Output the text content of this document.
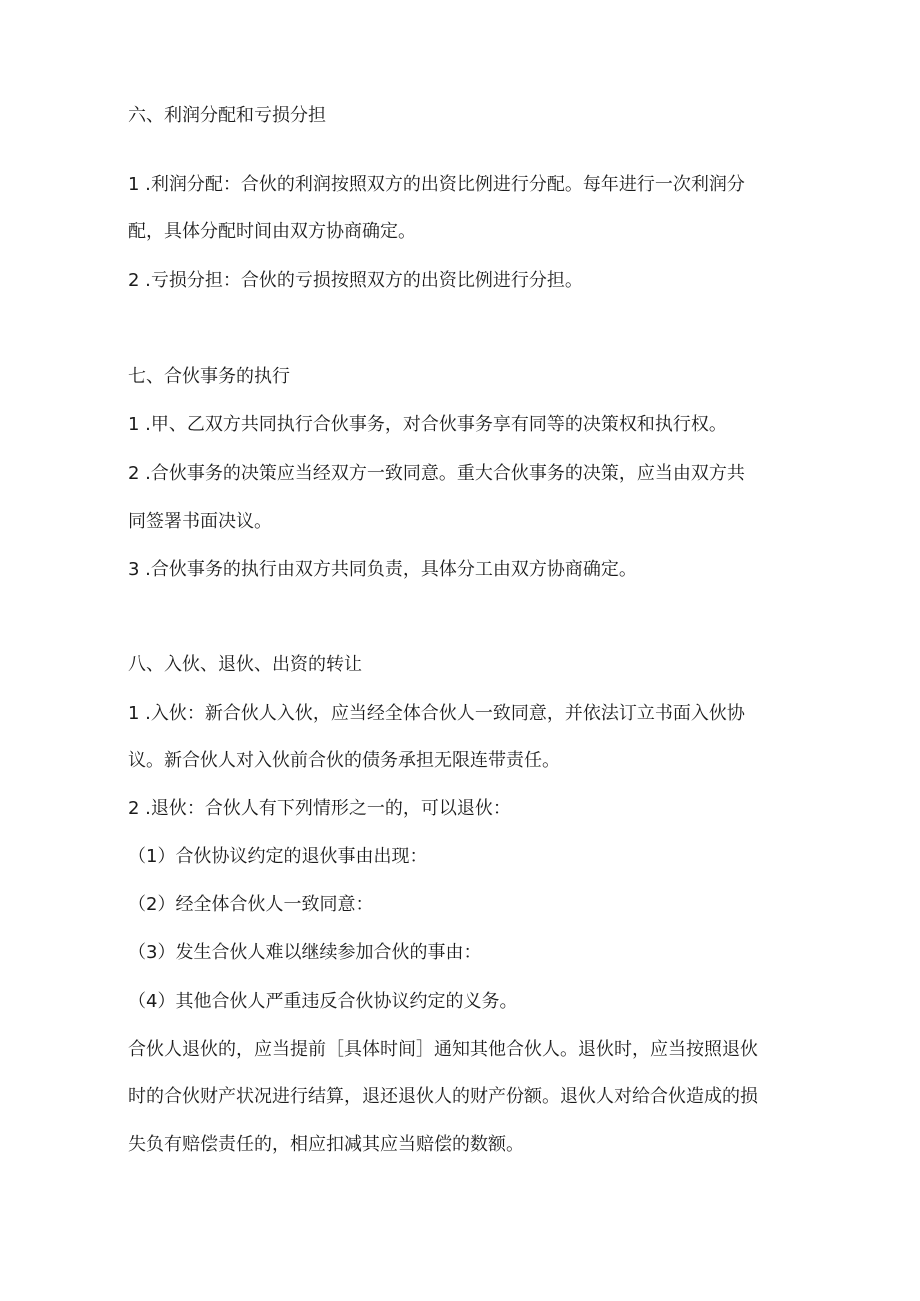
六、利润分配和亏损分担
1 .利润分配：合伙的利润按照双方的出资比例进行分配。每年进行一次利润分
配，具体分配时间由双方协商确定。
2 .亏损分担：合伙的亏损按照双方的出资比例进行分担。
七、合伙事务的执行
1 .甲、乙双方共同执行合伙事务，对合伙事务享有同等的决策权和执行权。
2 .合伙事务的决策应当经双方一致同意。重大合伙事务的决策，应当由双方共
同签署书面决议。
3 .合伙事务的执行由双方共同负责，具体分工由双方协商确定。
八、入伙、退伙、出资的转让
1 .入伙：新合伙人入伙，应当经全体合伙人一致同意，并依法订立书面入伙协
议。新合伙人对入伙前合伙的债务承担无限连带责任。
2 .退伙：合伙人有下列情形之一的，可以退伙：
（1）合伙协议约定的退伙事由出现：
（2）经全体合伙人一致同意：
（3）发生合伙人难以继续参加合伙的事由：
（4）其他合伙人严重违反合伙协议约定的义务。
合伙人退伙的，应当提前［具体时间］通知其他合伙人。退伙时，应当按照退伙
时的合伙财产状况进行结算，退还退伙人的财产份额。退伙人对给合伙造成的损
失负有赔偿责任的，相应扣减其应当赔偿的数额。
